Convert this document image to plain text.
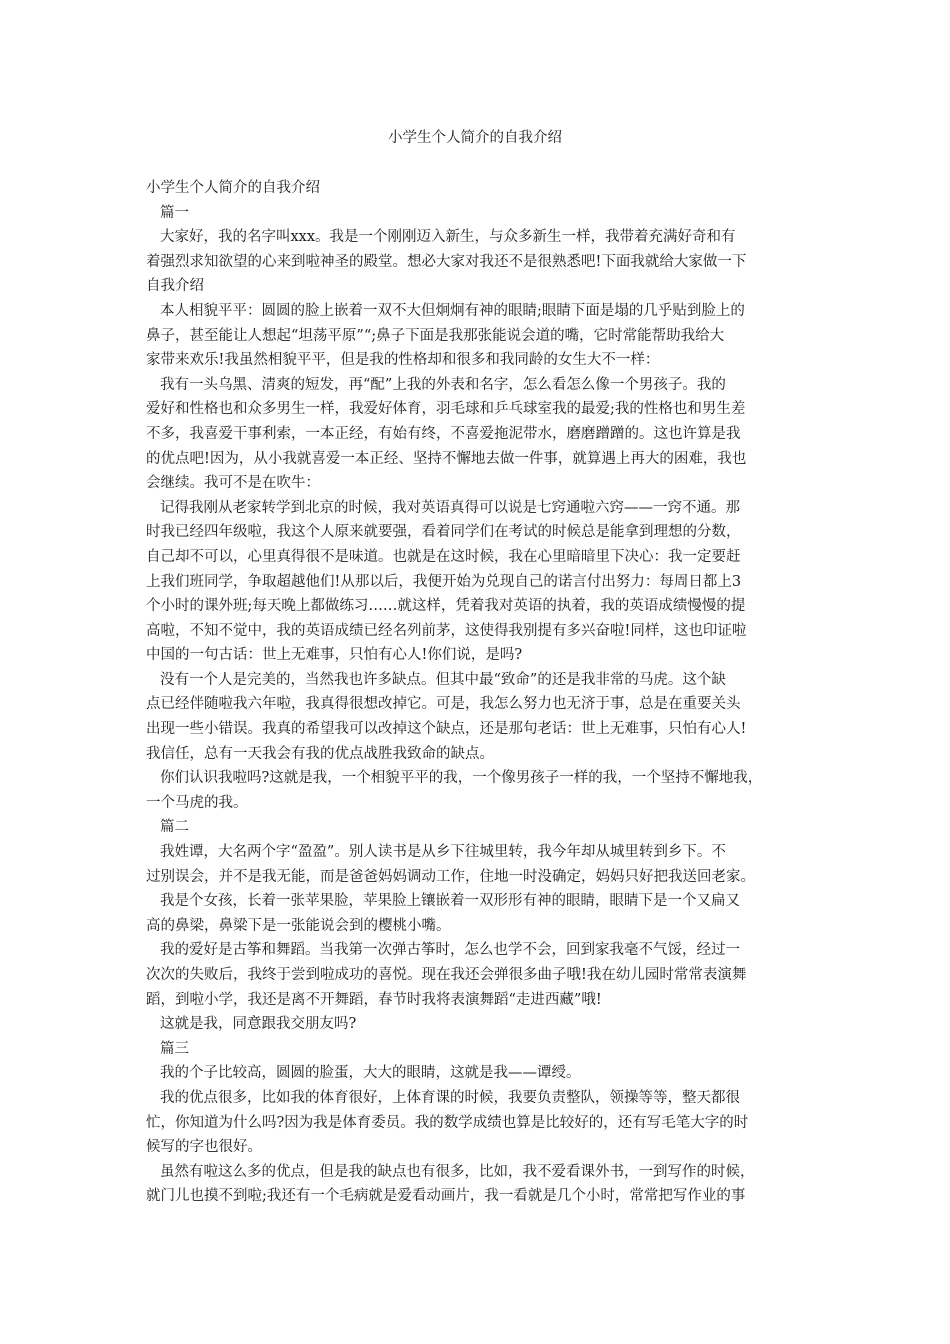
小学生个人简介的自我介绍

小学生个人简介的自我介绍

篇一

大家好，我的名字叫xxx。我是一个刚刚迈入新生，与众多新生一样，我带着充满好奇和有

着强烈求知欲望的心来到啦神圣的殿堂。想必大家对我还不是很熟悉吧!下面我就给大家做一下

自我介绍

本人相貌平平：圆圆的脸上嵌着一双不大但炯炯有神的眼睛;眼睛下面是塌的几乎贴到脸上的

鼻子，甚至能让人想起“坦荡平原”“;鼻子下面是我那张能说会道的嘴，它时常能帮助我给大

家带来欢乐!我虽然相貌平平，但是我的性格却和很多和我同龄的女生大不一样：

我有一头乌黑、清爽的短发，再“配”上我的外表和名字，怎么看怎么像一个男孩子。我的

爱好和性格也和众多男生一样，我爱好体育，羽毛球和乒乓球室我的最爱;我的性格也和男生差

不多，我喜爱干事利索，一本正经，有始有终，不喜爱拖泥带水，磨磨蹭蹭的。这也许算是我

的优点吧!因为，从小我就喜爱一本正经、坚持不懈地去做一件事，就算遇上再大的困难，我也

会继续。我可不是在吹牛：

记得我刚从老家转学到北京的时候，我对英语真得可以说是七窍通啦六窍——一窍不通。那

时我已经四年级啦，我这个人原来就要强，看着同学们在考试的时候总是能拿到理想的分数，

自己却不可以，心里真得很不是味道。也就是在这时候，我在心里暗暗里下决心：我一定要赶

上我们班同学，争取超越他们!从那以后，我便开始为兑现自己的诺言付出努力：每周日都上3

个小时的课外班;每天晚上都做练习……就这样，凭着我对英语的执着，我的英语成绩慢慢的提

高啦，不知不觉中，我的英语成绩已经名列前茅，这使得我别提有多兴奋啦!同样，这也印证啦

中国的一句古话：世上无难事，只怕有心人!你们说，是吗?

没有一个人是完美的，当然我也许多缺点。但其中最“致命”的还是我非常的马虎。这个缺

点已经伴随啦我六年啦，我真得很想改掉它。可是，我怎么努力也无济于事，总是在重要关头

出现一些小错误。我真的希望我可以改掉这个缺点，还是那句老话：世上无难事，只怕有心人!

我信任，总有一天我会有我的优点战胜我致命的缺点。

你们认识我啦吗?这就是我，一个相貌平平的我，一个像男孩子一样的我，一个坚持不懈地我，

一个马虎的我。

篇二

我姓谭，大名两个字“盈盈”。别人读书是从乡下往城里转，我今年却从城里转到乡下。不

过别误会，并不是我无能，而是爸爸妈妈调动工作，住地一时没确定，妈妈只好把我送回老家。

我是个女孩，长着一张苹果脸，苹果脸上镶嵌着一双形形有神的眼睛，眼睛下是一个又扁又

高的鼻梁，鼻梁下是一张能说会到的樱桃小嘴。

我的爱好是古筝和舞蹈。当我第一次弹古筝时，怎么也学不会，回到家我毫不气馁，经过一

次次的失败后，我终于尝到啦成功的喜悦。现在我还会弹很多曲子哦!我在幼儿园时常常表演舞

蹈，到啦小学，我还是离不开舞蹈，春节时我将表演舞蹈“走进西藏”哦!

这就是我，同意跟我交朋友吗?

篇三

我的个子比较高，圆圆的脸蛋，大大的眼睛，这就是我——谭绶。

我的优点很多，比如我的体育很好，上体育课的时候，我要负责整队，领操等等，整天都很

忙，你知道为什么吗?因为我是体育委员。我的数学成绩也算是比较好的，还有写毛笔大字的时

候写的字也很好。

虽然有啦这么多的优点，但是我的缺点也有很多，比如，我不爱看课外书，一到写作的时候，

就门儿也摸不到啦;我还有一个毛病就是爱看动画片，我一看就是几个小时，常常把写作业的事
